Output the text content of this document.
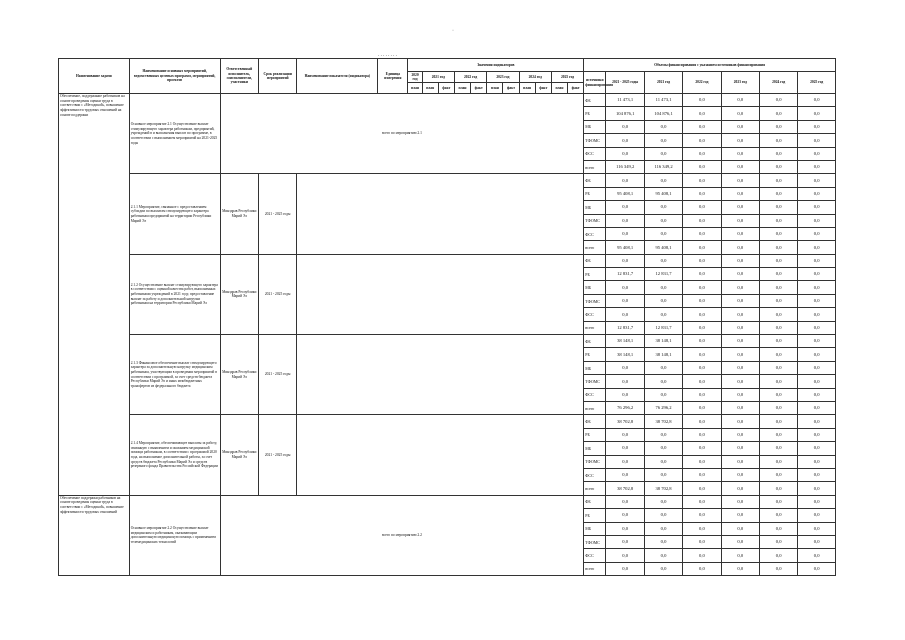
·
........
Наименование задачи	Наименование основных мероприятий, ведомственных целевых программ, мероприятий, проектов	Ответственный исполнитель, соисполнители, участники	Срок реализации мероприятий	Наименование показателя (индикатора)	Единица измерения	Значения индикаторов											Объемы финансирования с указанием источников финансирования						
						2020 год	2021 год		2022 год		2023 год		2024 год		2025 год		источники финансирования	2021 - 2025 годы	2021 год	2022 год	2023 год	2024 год	2025 год
						план	план	факт	план	факт	план	факт	план	факт	план	факт							
Обеспечение, поддержание работников на основе проведения оценки труда в соответствии с «Методикой», повышение эффективности трудовых отношений на основе поддержки	Основное мероприятие 2.1 Осуществление выплат стимулирующего характера работникам, предприятий, учреждений в и выполнения выплат по программе, в соответствии с выполнением мероприятий на 2021-2025 годы	всего по мероприятию 2.1															ФБ	11 473,1	11 473,1	0,0	0,0	0,0	0,0
																	РБ	104 876,1	104 876,1	0,0	0,0	0,0	0,0
																	МБ	0,0	0,0	0,0	0,0	0,0	0,0
																	ТФОМС	0,0	0,0	0,0	0,0	0,0	0,0
																	ФСС	0,0	0,0	0,0	0,0	0,0	0,0
																	всего	116 349,2	116 349,2	0,0	0,0	0,0	0,0
	2.1.1 Мероприятие, связанное с предоставлением субсидии по выплатам стимулирующего характера работникам предприятий на территории Республики Марий Эл	Минздрав Республики Марий Эл	2021 - 2025 годы														ФБ	0,0	0,0	0,0	0,0	0,0	0,0
																	РБ	95 408,1	95 408,1	0,0	0,0	0,0	0,0
																	МБ	0,0	0,0	0,0	0,0	0,0	0,0
																	ТФОМС	0,0	0,0	0,0	0,0	0,0	0,0
																	ФСС	0,0	0,0	0,0	0,0	0,0	0,0
																	всего	95 408,1	95 408,1	0,0	0,0	0,0	0,0
	2.1.2 Осуществление выплат стимулирующего характера в соответствии с оценкой качества работ, выполненных работниками учреждений в 2021 году, предоставление выплат за работу и дополнительной нагрузки работникам на территории Республики Марий Эл	Минздрав Республики Марий Эл	2021 - 2025 годы														ФБ	0,0	0,0	0,0	0,0	0,0	0,0
																	РБ	12 831,7	12 831,7	0,0	0,0	0,0	0,0
																	МБ	0,0	0,0	0,0	0,0	0,0	0,0
																	ТФОМС	0,0	0,0	0,0	0,0	0,0	0,0
																	ФСС	0,0	0,0	0,0	0,0	0,0	0,0
																	всего	12 831,7	12 831,7	0,0	0,0	0,0	0,0
	2.1.3 Финансовое обеспечение выплат стимулирующего характера за дополнительную нагрузку медицинским работникам, участвующим в проведении мероприятий в соответствии с программой, за счет средств бюджета Республики Марий Эл и иных межбюджетных трансфертов из федерального бюджета	Минздрав Республики Марий Эл	2021 - 2025 годы														ФБ	38 148,1	38 148,1	0,0	0,0	0,0	0,0
																	РБ	38 148,1	38 148,1	0,0	0,0	0,0	0,0
																	МБ	0,0	0,0	0,0	0,0	0,0	0,0
																	ТФОМС	0,0	0,0	0,0	0,0	0,0	0,0
																	ФСС	0,0	0,0	0,0	0,0	0,0	0,0
																	всего	76 296,2	76 296,2	0,0	0,0	0,0	0,0
	2.1.4 Мероприятие, обеспечивающее выплаты за работу, связанную с выявлением и оказанием медицинской помощи работникам, в соответствии с программой 2020 года, на выполнение дополнительной работы, за счет средств бюджета Республики Марий Эл и средств резервного фонда Правительства Российской Федерации	Минздрав Республики Марий Эл	2021 - 2025 годы														ФБ	38 702,8	38 702,8	0,0	0,0	0,0	0,0
																	РБ	0,0	0,0	0,0	0,0	0,0	0,0
																	МБ	0,0	0,0	0,0	0,0	0,0	0,0
																	ТФОМС	0,0	0,0	0,0	0,0	0,0	0,0
																	ФСС	0,0	0,0	0,0	0,0	0,0	0,0
																	всего	38 702,8	38 702,8	0,0	0,0	0,0	0,0
Обеспечение поддержки работников на основе проведения оценки труда в соответствии с «Методикой», повышение эффективности трудовых отношений	Основное мероприятие 2.2 Осуществление выплат медицинским и работникам, оказывающим дополнительную медицинскую помощь с применением телемедицинских технологий	всего по мероприятию 2.2															ФБ	0,0	0,0	0,0	0,0	0,0	0,0
																	РБ	0,0	0,0	0,0	0,0	0,0	0,0
																	МБ	0,0	0,0	0,0	0,0	0,0	0,0
																	ТФОМС	0,0	0,0	0,0	0,0	0,0	0,0
																	ФСС	0,0	0,0	0,0	0,0	0,0	0,0
																	всего	0,0	0,0	0,0	0,0	0,0	0,0
